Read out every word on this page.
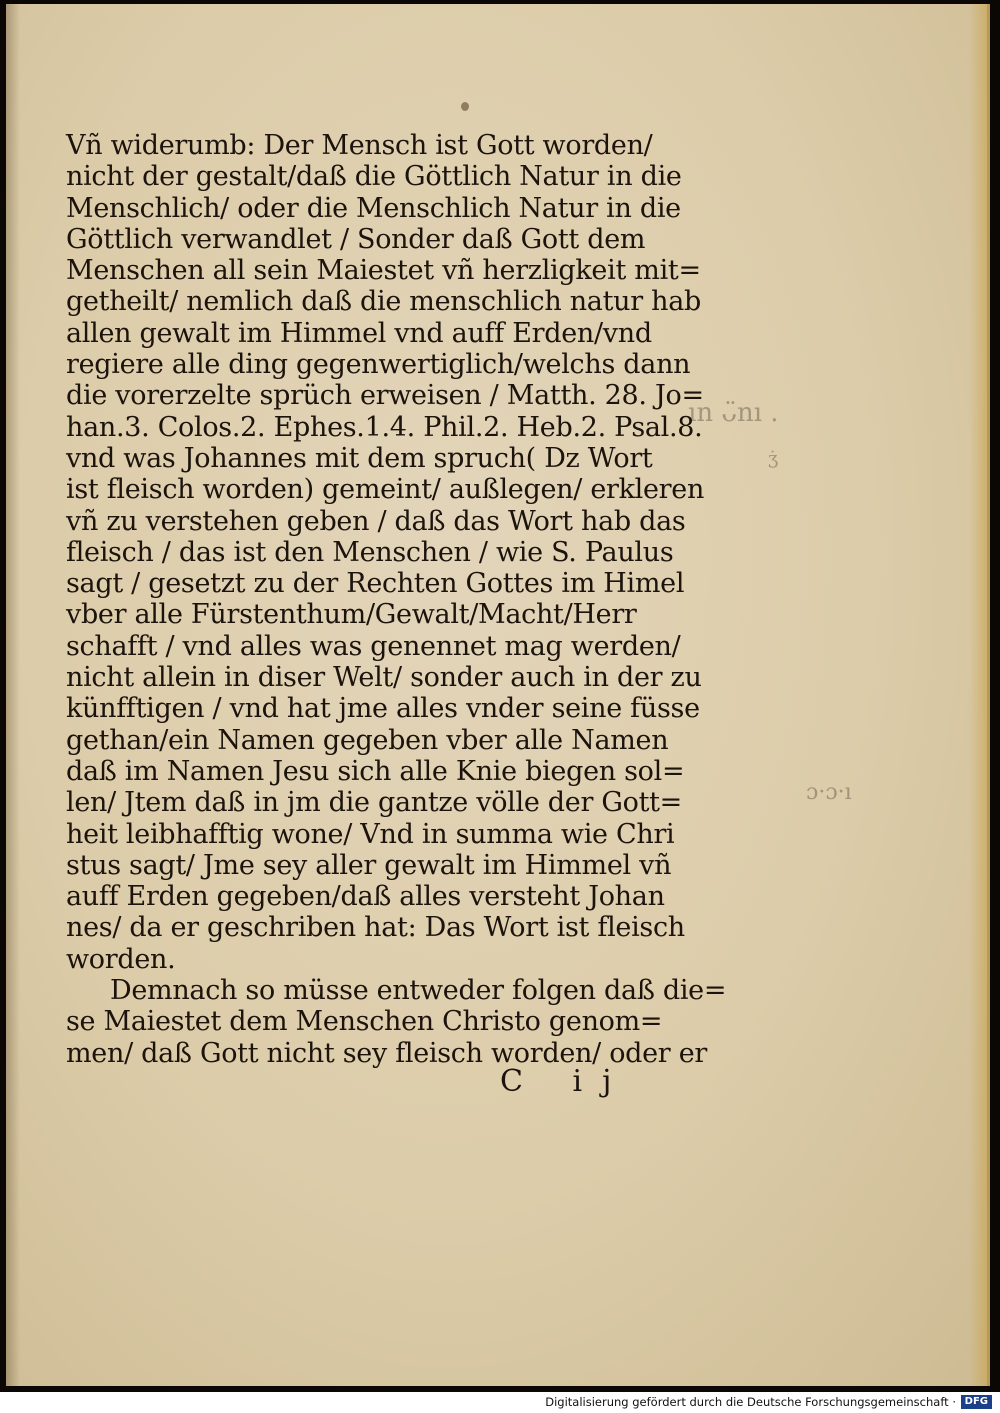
Vñ widerumb: Der Mensch ist Gott worden/
nicht der gestalt/daß die Göttlich Natur in die
Menschlich/ oder die Menschlich Natur in die
Göttlich verwandlet / Sonder daß Gott dem
Menschen all sein Maiestet vñ herzligkeit mit=
getheilt/ nemlich daß die menschlich natur hab
allen gewalt im Himmel vnd auff Erden/vnd
regiere alle ding gegenwertiglich/welchs dann
die vorerzelte sprüch erweisen / Matth. 28. Jo=
han.3. Colos.2. Ephes.1.4. Phil.2. Heb.2. Psal.8.
vnd was Johannes mit dem spruch( Dz Wort
ist fleisch worden) gemeint/ außlegen/ erkleren
vñ zu verstehen geben / daß das Wort hab das
fleisch / das ist den Menschen / wie S. Paulus
sagt / gesetzt zu der Rechten Gottes im Himel
vber alle Fürstenthum/Gewalt/Macht/Herr
schafft / vnd alles was genennet mag werden/
nicht allein in diser Welt/ sonder auch in der zu
künfftigen / vnd hat jme alles vnder seine füsse
gethan/ein Namen gegeben vber alle Namen
daß im Namen Jesu sich alle Knie biegen sol=
len/ Jtem daß in jm die gantze völle der Gott=
heit leibhafftig wone/ Vnd in summa wie Chri
stus sagt/ Jme sey aller gewalt im Himmel vñ
auff Erden gegeben/daß alles versteht Johan
nes/ da er geschriben hat: Das Wort ist fleisch
worden.
Demnach so müsse entweder folgen daß die=
se Maiestet dem Menschen Christo genom=
men/ daß Gott nicht sey fleisch worden/ oder er
C ij
ın ᴗ̈nı .
ʒ̇
ɔ·ɔ·ı
Digitalisierung gefördert durch die Deutsche Forschungsgemeinschaft · DFG
